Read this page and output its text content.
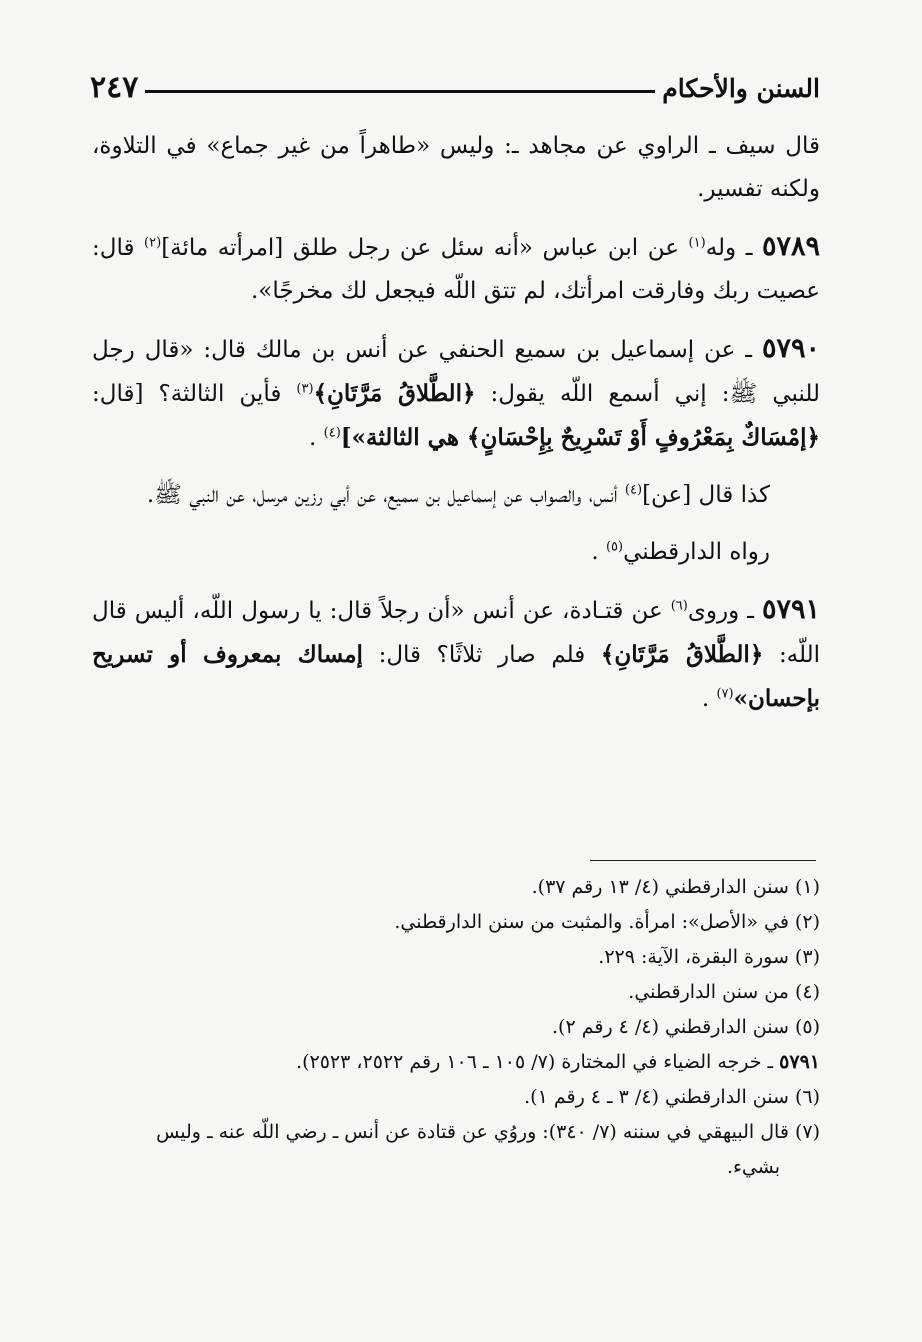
السنن والأحكام
٢٤٧

قال سيف ـ الراوي عن مجاهد ـ: وليس «طاهراً من غير جماع» في التلاوة، ولكنه تفسير.

٥٧٨٩ ـ وله$^{(١)}$ عن ابن عباس «أنه سئل عن رجل طلق [امرأته مائة]$^{(٢)}$ قال: عصيت ربك وفارقت امرأتك، لم تتق اللّه فيجعل لك مخرجًا».

٥٧٩٠ ـ عن إسماعيل بن سميع الحنفي عن أنس بن مالك قال: «قال رجل للنبي ﷺ: إني أسمع اللّه يقول: ﴿الطَّلاقُ مَرَّتَانِ﴾$^{(٣)}$ فأين الثالثة؟ [قال: ﴿إمْسَاكٌ بِمَعْرُوفٍ أَوْ تَسْرِيحٌ بِإِحْسَانٍ﴾ هي الثالثة»]$^{(٤)}$ .

كذا قال [عن]$^{(٤)}$ أنس، والصواب عن إسماعيل بن سميع، عن أبي رزين مرسل، عن النبي ﷺ.

رواه الدارقطني$^{(٥)}$ .

٥٧٩١ ـ وروى$^{(٦)}$ عن قتـادة، عن أنس «أن رجلاً قال: يا رسول اللّه، أليس قال اللّه: ﴿الطَّلاقُ مَرَّتَانِ﴾ فلم صار ثلاثًا؟ قال: إمساك بمعروف أو تسريح بإحسان»$^{(٧)}$ .

(١) سنن الدارقطني (٤/ ١٣ رقم ٣٧).

(٢) في «الأصل»: امرأة. والمثبت من سنن الدارقطني.

(٣) سورة البقرة، الآية: ٢٢٩.

(٤) من سنن الدارقطني.

(٥) سنن الدارقطني (٤/ ٤ رقم ٢).

٥٧٩١ ـ خرجه الضياء في المختارة (٧/ ١٠٥ ـ ١٠٦ رقم ٢٥٢٢، ٢٥٢٣).

(٦) سنن الدارقطني (٤/ ٣ ـ ٤ رقم ١).

(٧) قال البيهقي في سننه (٧/ ٣٤٠): وروُي عن قتادة عن أنس ـ رضي اللّه عنه ـ وليس
بشيء.
